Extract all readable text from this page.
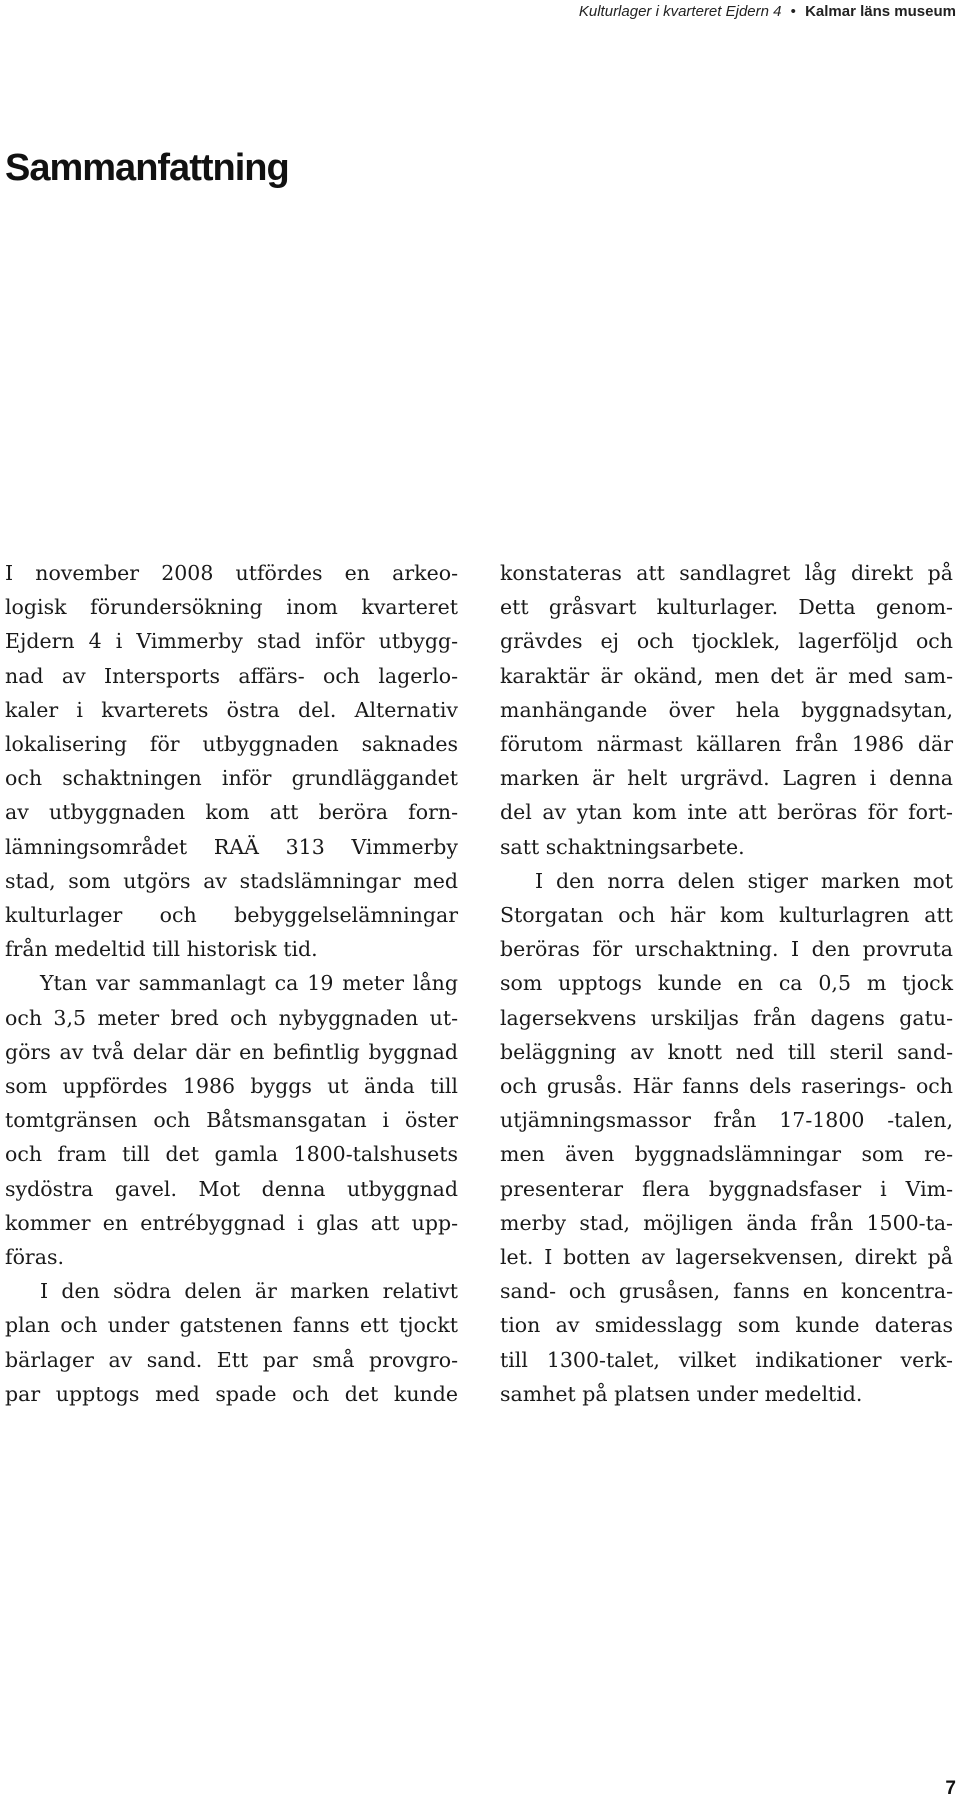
Kulturlager i kvarteret Ejdern 4 • Kalmar läns museum
Sammanfattning
I november 2008 utfördes en arkeo-
logisk förundersökning inom kvarteret
Ejdern 4 i Vimmerby stad inför utbygg-
nad av Intersports affärs- och lagerlo-
kaler i kvarterets östra del. Alternativ
lokalisering för utbyggnaden saknades
och schaktningen inför grundläggandet
av utbyggnaden kom att beröra forn-
lämningsområdet RAÄ 313 Vimmerby
stad, som utgörs av stadslämningar med
kulturlager och bebyggelselämningar
från medeltid till historisk tid.
Ytan var sammanlagt ca 19 meter lång
och 3,5 meter bred och nybyggnaden ut-
görs av två delar där en befintlig byggnad
som uppfördes 1986 byggs ut ända till
tomtgränsen och Båtsmansgatan i öster
och fram till det gamla 1800-talshusets
sydöstra gavel. Mot denna utbyggnad
kommer en entrébyggnad i glas att upp-
föras.
I den södra delen är marken relativt
plan och under gatstenen fanns ett tjockt
bärlager av sand. Ett par små provgro-
par upptogs med spade och det kunde
konstateras att sandlagret låg direkt på
ett gråsvart kulturlager. Detta genom-
grävdes ej och tjocklek, lagerföljd och
karaktär är okänd, men det är med sam-
manhängande över hela byggnadsytan,
förutom närmast källaren från 1986 där
marken är helt urgrävd. Lagren i denna
del av ytan kom inte att beröras för fort-
satt schaktningsarbete.
I den norra delen stiger marken mot
Storgatan och här kom kulturlagren att
beröras för urschaktning. I den provruta
som upptogs kunde en ca 0,5 m tjock
lagersekvens urskiljas från dagens gatu-
beläggning av knott ned till steril sand-
och grusås. Här fanns dels raserings- och
utjämningsmassor från 17-1800 -talen,
men även byggnadslämningar som re-
presenterar flera byggnadsfaser i Vim-
merby stad, möjligen ända från 1500-ta-
let. I botten av lagersekvensen, direkt på
sand- och grusåsen, fanns en koncentra-
tion av smidesslagg som kunde dateras
till 1300-talet, vilket indikationer verk-
samhet på platsen under medeltid.
7
